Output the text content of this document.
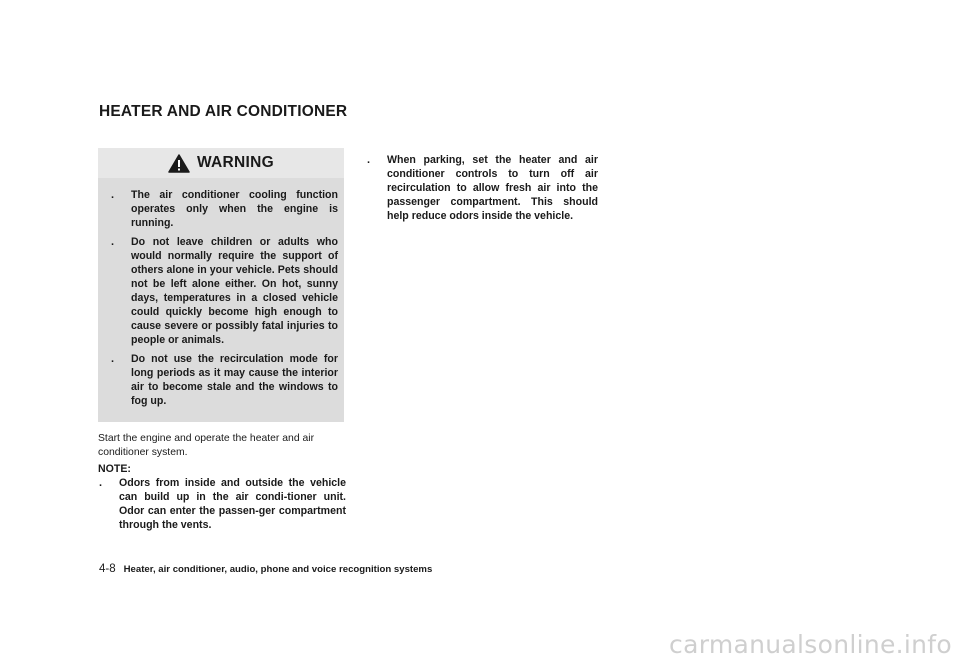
HEATER AND AIR CONDITIONER
WARNING
. The air conditioner cooling function operates only when the engine is running.
. Do not leave children or adults who would normally require the support of others alone in your vehicle. Pets should not be left alone either. On hot, sunny days, temperatures in a closed vehicle could quickly become high enough to cause severe or possibly fatal injuries to people or animals.
. Do not use the recirculation mode for long periods as it may cause the interior air to become stale and the windows to fog up.

Start the engine and operate the heater and air conditioner system.

NOTE:

. Odors from inside and outside the vehicle can build up in the air condi-tioner unit. Odor can enter the passen-ger compartment through the vents.
. When parking, set the heater and air conditioner controls to turn off air recirculation to allow fresh air into the passenger compartment. This should help reduce odors inside the vehicle.
4-8 Heater, air conditioner, audio, phone and voice recognition systems
carmanualsonline.info
